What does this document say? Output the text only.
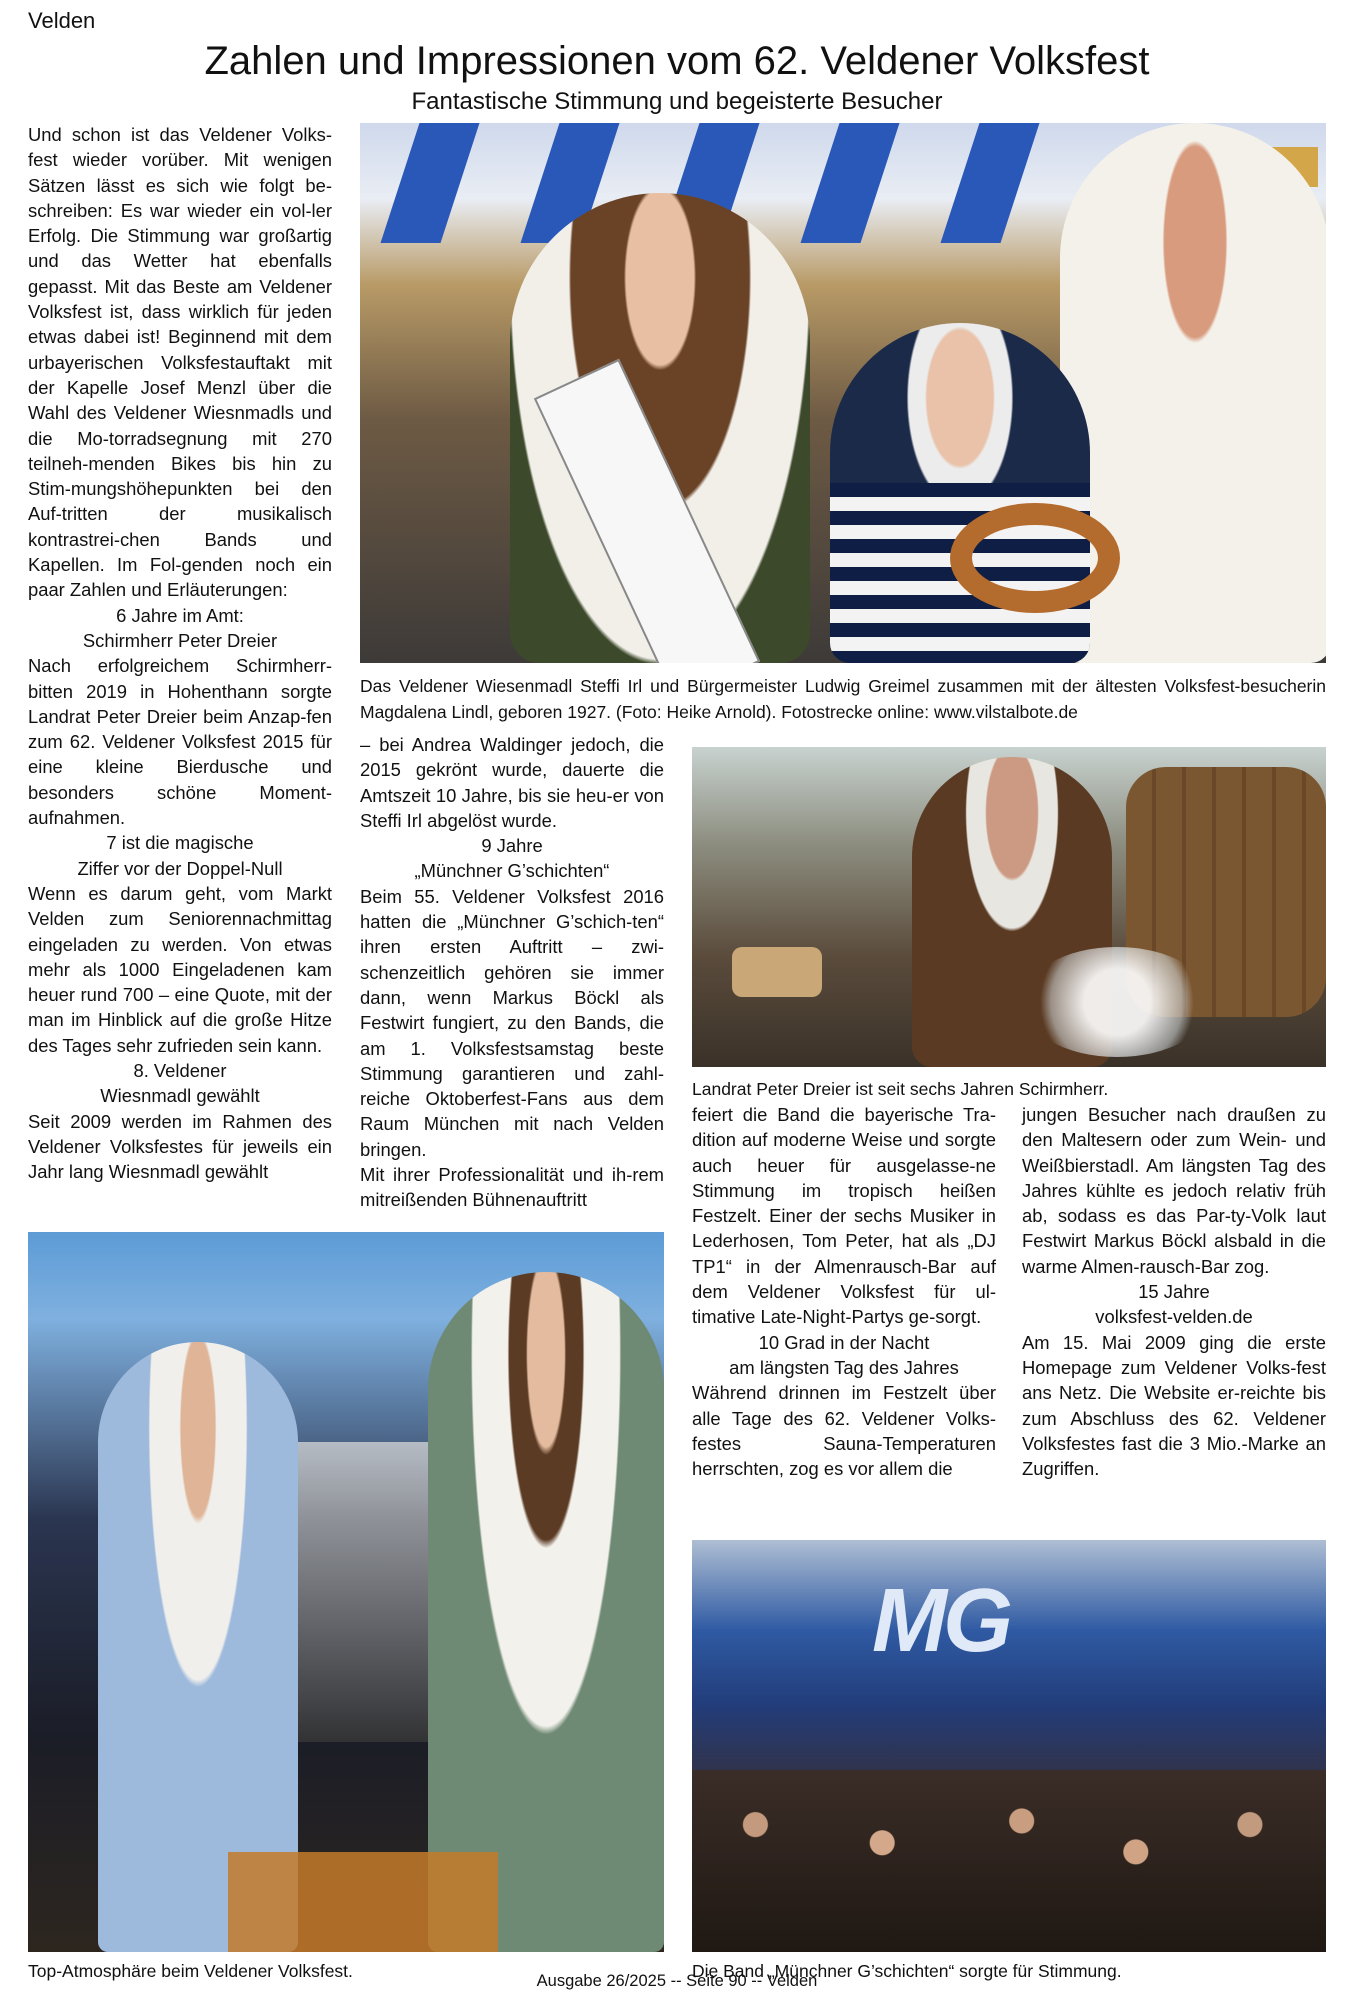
Velden
Zahlen und Impressionen vom 62. Veldener Volksfest
Fantastische Stimmung und begeisterte Besucher

Und schon ist das Veldener Volks-fest wieder vorüber. Mit wenigen Sätzen lässt es sich wie folgt be-schreiben: Es war wieder ein vol-ler Erfolg. Die Stimmung war großartig und das Wetter hat ebenfalls gepasst. Mit das Beste am Veldener Volksfest ist, dass wirklich für jeden etwas dabei ist! Beginnend mit dem urbayerischen Volksfestauftakt mit der Kapelle Josef Menzl über die Wahl des Veldener Wiesnmadls und die Mo-torradsegnung mit 270 teilneh-menden Bikes bis hin zu Stim-mungshöhepunkten bei den Auf-tritten der musikalisch kontrastrei-chen Bands und Kapellen. Im Fol-genden noch ein paar Zahlen und Erläuterungen:

6 Jahre im Amt:
Schirmherr Peter Dreier

Nach erfolgreichem Schirmherr-bitten 2019 in Hohenthann sorgte Landrat Peter Dreier beim Anzap-fen zum 62. Veldener Volksfest 2015 für eine kleine Bierdusche und besonders schöne Moment-aufnahmen.

7 ist die magische
Ziffer vor der Doppel-Null

Wenn es darum geht, vom Markt Velden zum Seniorennachmittag eingeladen zu werden. Von etwas mehr als 1000 Eingeladenen kam heuer rund 700 – eine Quote, mit der man im Hinblick auf die große Hitze des Tages sehr zufrieden sein kann.

8. Veldener
Wiesnmadl gewählt

Seit 2009 werden im Rahmen des Veldener Volksfestes für jeweils ein Jahr lang Wiesnmadl gewählt

Das Veldener Wiesenmadl Steffi Irl und Bürgermeister Ludwig Greimel zusammen mit der ältesten Volksfest-besucherin Magdalena Lindl, geboren 1927. (Foto: Heike Arnold). Fotostrecke online: www.vilstalbote.de

– bei Andrea Waldinger jedoch, die 2015 gekrönt wurde, dauerte die Amtszeit 10 Jahre, bis sie heu-er von Steffi Irl abgelöst wurde.

9 Jahre
„Münchner G’schichten“

Beim 55. Veldener Volksfest 2016 hatten die „Münchner G’schich-ten“ ihren ersten Auftritt – zwi-schenzeitlich gehören sie immer dann, wenn Markus Böckl als Festwirt fungiert, zu den Bands, die am 1. Volksfestsamstag beste Stimmung garantieren und zahl-reiche Oktoberfest-Fans aus dem Raum München mit nach Velden bringen.

Mit ihrer Professionalität und ih-rem mitreißenden Bühnenauftritt

Landrat Peter Dreier ist seit sechs Jahren Schirmherr.

feiert die Band die bayerische Tra-dition auf moderne Weise und sorgte auch heuer für ausgelasse-ne Stimmung im tropisch heißen Festzelt. Einer der sechs Musiker in Lederhosen, Tom Peter, hat als „DJ TP1“ in der Almenrausch-Bar auf dem Veldener Volksfest für ul-timative Late-Night-Partys ge-sorgt.

10 Grad in der Nacht
am längsten Tag des Jahres

Während drinnen im Festzelt über alle Tage des 62. Veldener Volks-festes Sauna-Temperaturen herrschten, zog es vor allem die

jungen Besucher nach draußen zu den Maltesern oder zum Wein- und Weißbierstadl. Am längsten Tag des Jahres kühlte es jedoch relativ früh ab, sodass es das Par-ty-Volk laut Festwirt Markus Böckl alsbald in die warme Almen-rausch-Bar zog.

15 Jahre
volksfest-velden.de

Am 15. Mai 2009 ging die erste Homepage zum Veldener Volks-fest ans Netz. Die Website er-reichte bis zum Abschluss des 62. Veldener Volksfestes fast die 3 Mio.-Marke an Zugriffen.

Top-Atmosphäre beim Veldener Volksfest.
MG
Die Band „Münchner G’schichten“ sorgte für Stimmung.
Ausgabe 26/2025 -- Seite 90 -- Velden
